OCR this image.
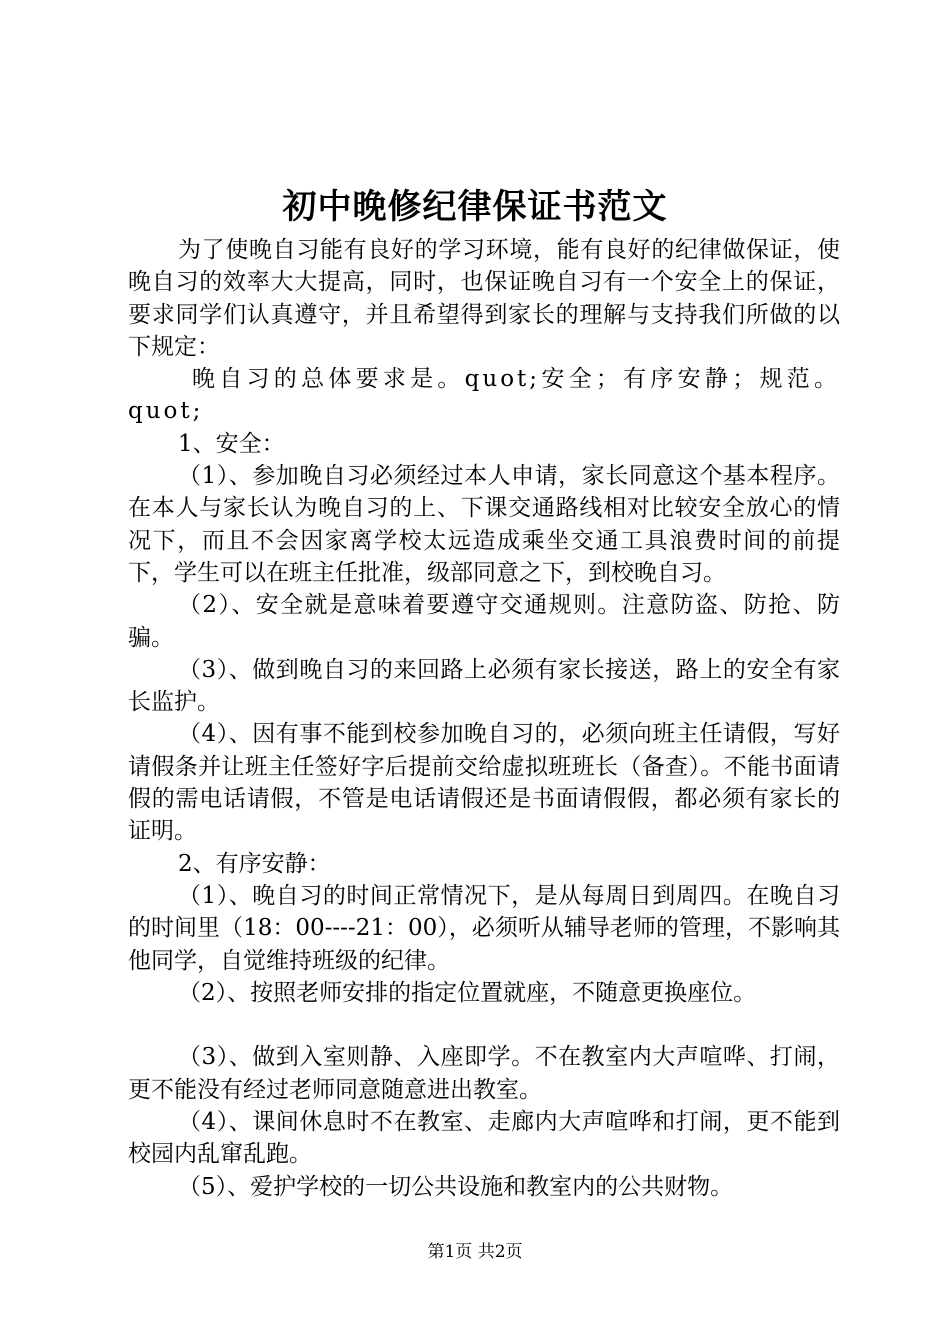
初中晚修纪律保证书范文

为了使晚自习能有良好的学习环境，能有良好的纪律做保证，使晚自习的效率大大提高，同时，也保证晚自习有一个安全上的保证，要求同学们认真遵守，并且希望得到家长的理解与支持我们所做的以下规定：

晚自习的总体要求是。quot;安全；有序安静；规范。quot;

1、安全：

（1）、参加晚自习必须经过本人申请，家长同意这个基本程序。在本人与家长认为晚自习的上、下课交通路线相对比较安全放心的情况下，而且不会因家离学校太远造成乘坐交通工具浪费时间的前提下，学生可以在班主任批准，级部同意之下，到校晚自习。

（2）、安全就是意味着要遵守交通规则。注意防盗、防抢、防骗。

（3）、做到晚自习的来回路上必须有家长接送，路上的安全有家长监护。

（4）、因有事不能到校参加晚自习的，必须向班主任请假，写好请假条并让班主任签好字后提前交给虚拟班班长（备查）。不能书面请假的需电话请假，不管是电话请假还是书面请假假，都必须有家长的证明。

2、有序安静：

（1）、晚自习的时间正常情况下，是从每周日到周四。在晚自习的时间里（18：00----21：00），必须听从辅导老师的管理，不影响其他同学，自觉维持班级的纪律。

（2）、按照老师安排的指定位置就座，不随意更换座位。

（3）、做到入室则静、入座即学。不在教室内大声喧哗、打闹，更不能没有经过老师同意随意进出教室。

（4）、课间休息时不在教室、走廊内大声喧哗和打闹，更不能到校园内乱窜乱跑。

（5）、爱护学校的一切公共设施和教室内的公共财物。

第1页 共2页
